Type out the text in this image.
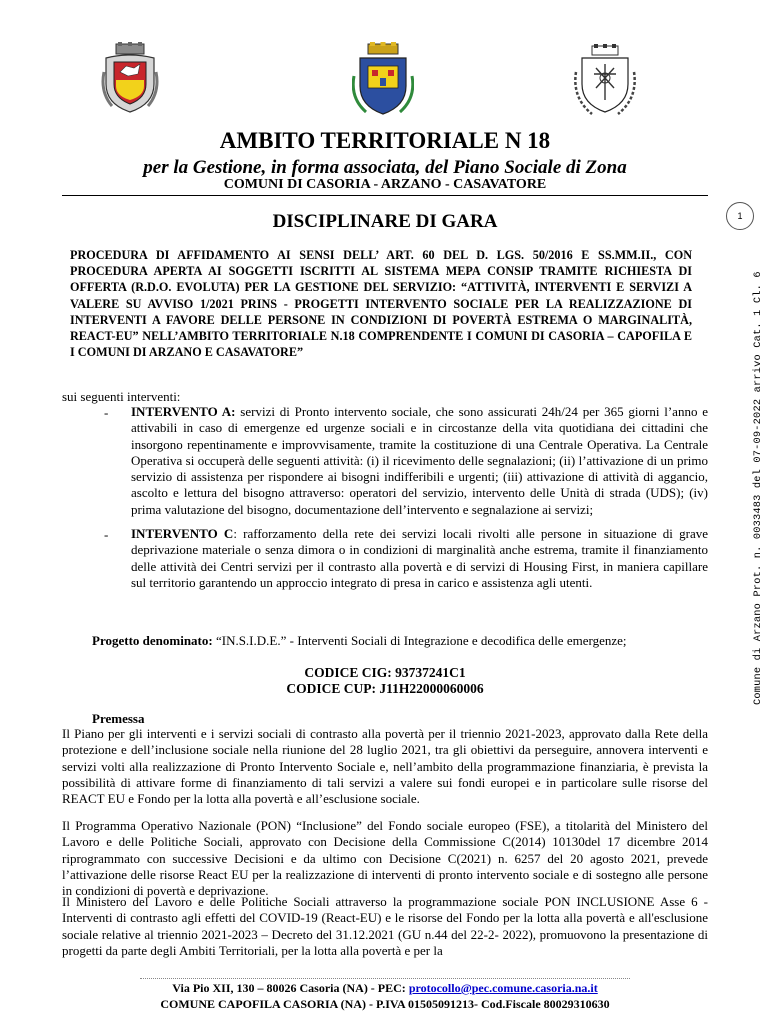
AMBITO TERRITORIALE N 18
per la Gestione, in forma associata, del Piano Sociale di Zona
COMUNI DI CASORIA - ARZANO - CASAVATORE
1
DISCIPLINARE DI GARA

PROCEDURA DI AFFIDAMENTO AI SENSI DELL’ ART. 60 DEL D. LGS. 50/2016 E SS.MM.II., CON PROCEDURA APERTA AI SOGGETTI ISCRITTI AL SISTEMA MEPA CONSIP TRAMITE RICHIESTA DI OFFERTA (R.D.O. EVOLUTA) PER LA GESTIONE DEL SERVIZIO: “ATTIVITÀ, INTERVENTI E SERVIZI A VALERE SU AVVISO 1/2021 PRINS - PROGETTI INTERVENTO SOCIALE PER LA REALIZZAZIONE DI INTERVENTI A FAVORE DELLE PERSONE IN CONDIZIONI DI POVERTÀ ESTREMA O MARGINALITÀ, REACT-EU” NELL’AMBITO TERRITORIALE N.18 COMPRENDENTE I COMUNI DI CASORIA – CAPOFILA E I COMUNI DI ARZANO E CASAVATORE”

sui seguenti interventi:
- INTERVENTO A: servizi di Pronto intervento sociale, che sono assicurati 24h/24 per 365 giorni l’anno e attivabili in caso di emergenze ed urgenze sociali e in circostanze della vita quotidiana dei cittadini che insorgono repentinamente e improvvisamente, tramite la costituzione di una Centrale Operativa. La Centrale Operativa si occuperà delle seguenti attività: (i) il ricevimento delle segnalazioni; (ii) l’attivazione di un primo servizio di assistenza per rispondere ai bisogni indifferibili e urgenti; (iii) attivazione di attività di aggancio, ascolto e lettura del bisogno attraverso: operatori del servizio, intervento delle Unità di strada (UDS); (iv) prima valutazione del bisogno, documentazione dell’intervento e segnalazione ai servizi;
- INTERVENTO C: rafforzamento della rete dei servizi locali rivolti alle persone in situazione di grave deprivazione materiale o senza dimora o in condizioni di marginalità anche estrema, tramite il finanziamento delle attività dei Centri servizi per il contrasto alla povertà e di servizi di Housing First, in maniera capillare sul territorio garantendo un approccio integrato di presa in carico e assistenza agli utenti.
Progetto denominato: “IN.S.I.D.E.” - Interventi Sociali di Integrazione e decodifica delle emergenze;
CODICE CIG: 93737241C1
CODICE CUP: J11H22000060006
Premessa
Il Piano per gli interventi e i servizi sociali di contrasto alla povertà per il triennio 2021-2023, approvato dalla Rete della protezione e dell’inclusione sociale nella riunione del 28 luglio 2021, tra gli obiettivi da perseguire, annovera interventi e servizi volti alla realizzazione di Pronto Intervento Sociale e, nell’ambito della programmazione finanziaria, è prevista la possibilità di attivare forme di finanziamento di tali servizi a valere sui fondi europei e in particolare sulle risorse del REACT EU e Fondo per la lotta alla povertà e all’esclusione sociale.
Il Programma Operativo Nazionale (PON) “Inclusione” del Fondo sociale europeo (FSE), a titolarità del Ministero del Lavoro e delle Politiche Sociali, approvato con Decisione della Commissione C(2014) 10130del 17 dicembre 2014 riprogrammato con successive Decisioni e da ultimo con Decisione C(2021) n. 6257 del 20 agosto 2021, prevede l’attivazione delle risorse React EU per la realizzazione di interventi di pronto intervento sociale e di sostegno alle persone in condizioni di povertà e deprivazione.
Il Ministero del Lavoro e delle Politiche Sociali attraverso la programmazione sociale PON INCLUSIONE Asse 6 - Interventi di contrasto agli effetti del COVID-19 (React-EU) e le risorse del Fondo per la lotta alla povertà e all'esclusione sociale relative al triennio 2021-2023 – Decreto del 31.12.2021 (GU n.44 del 22-2- 2022), promuovono la presentazione di progetti da parte degli Ambiti Territoriali, per la lotta alla povertà e per la
Comune di Arzano Prot. n. 0033483 del 07-09-2022 arrivo Cat. 1 Cl. 6
Via Pio XII, 130 – 80026 Casoria (NA) - PEC: protocollo@pec.comune.casoria.na.it
COMUNE CAPOFILA CASORIA (NA) - P.IVA 01505091213- Cod.Fiscale 80029310630
